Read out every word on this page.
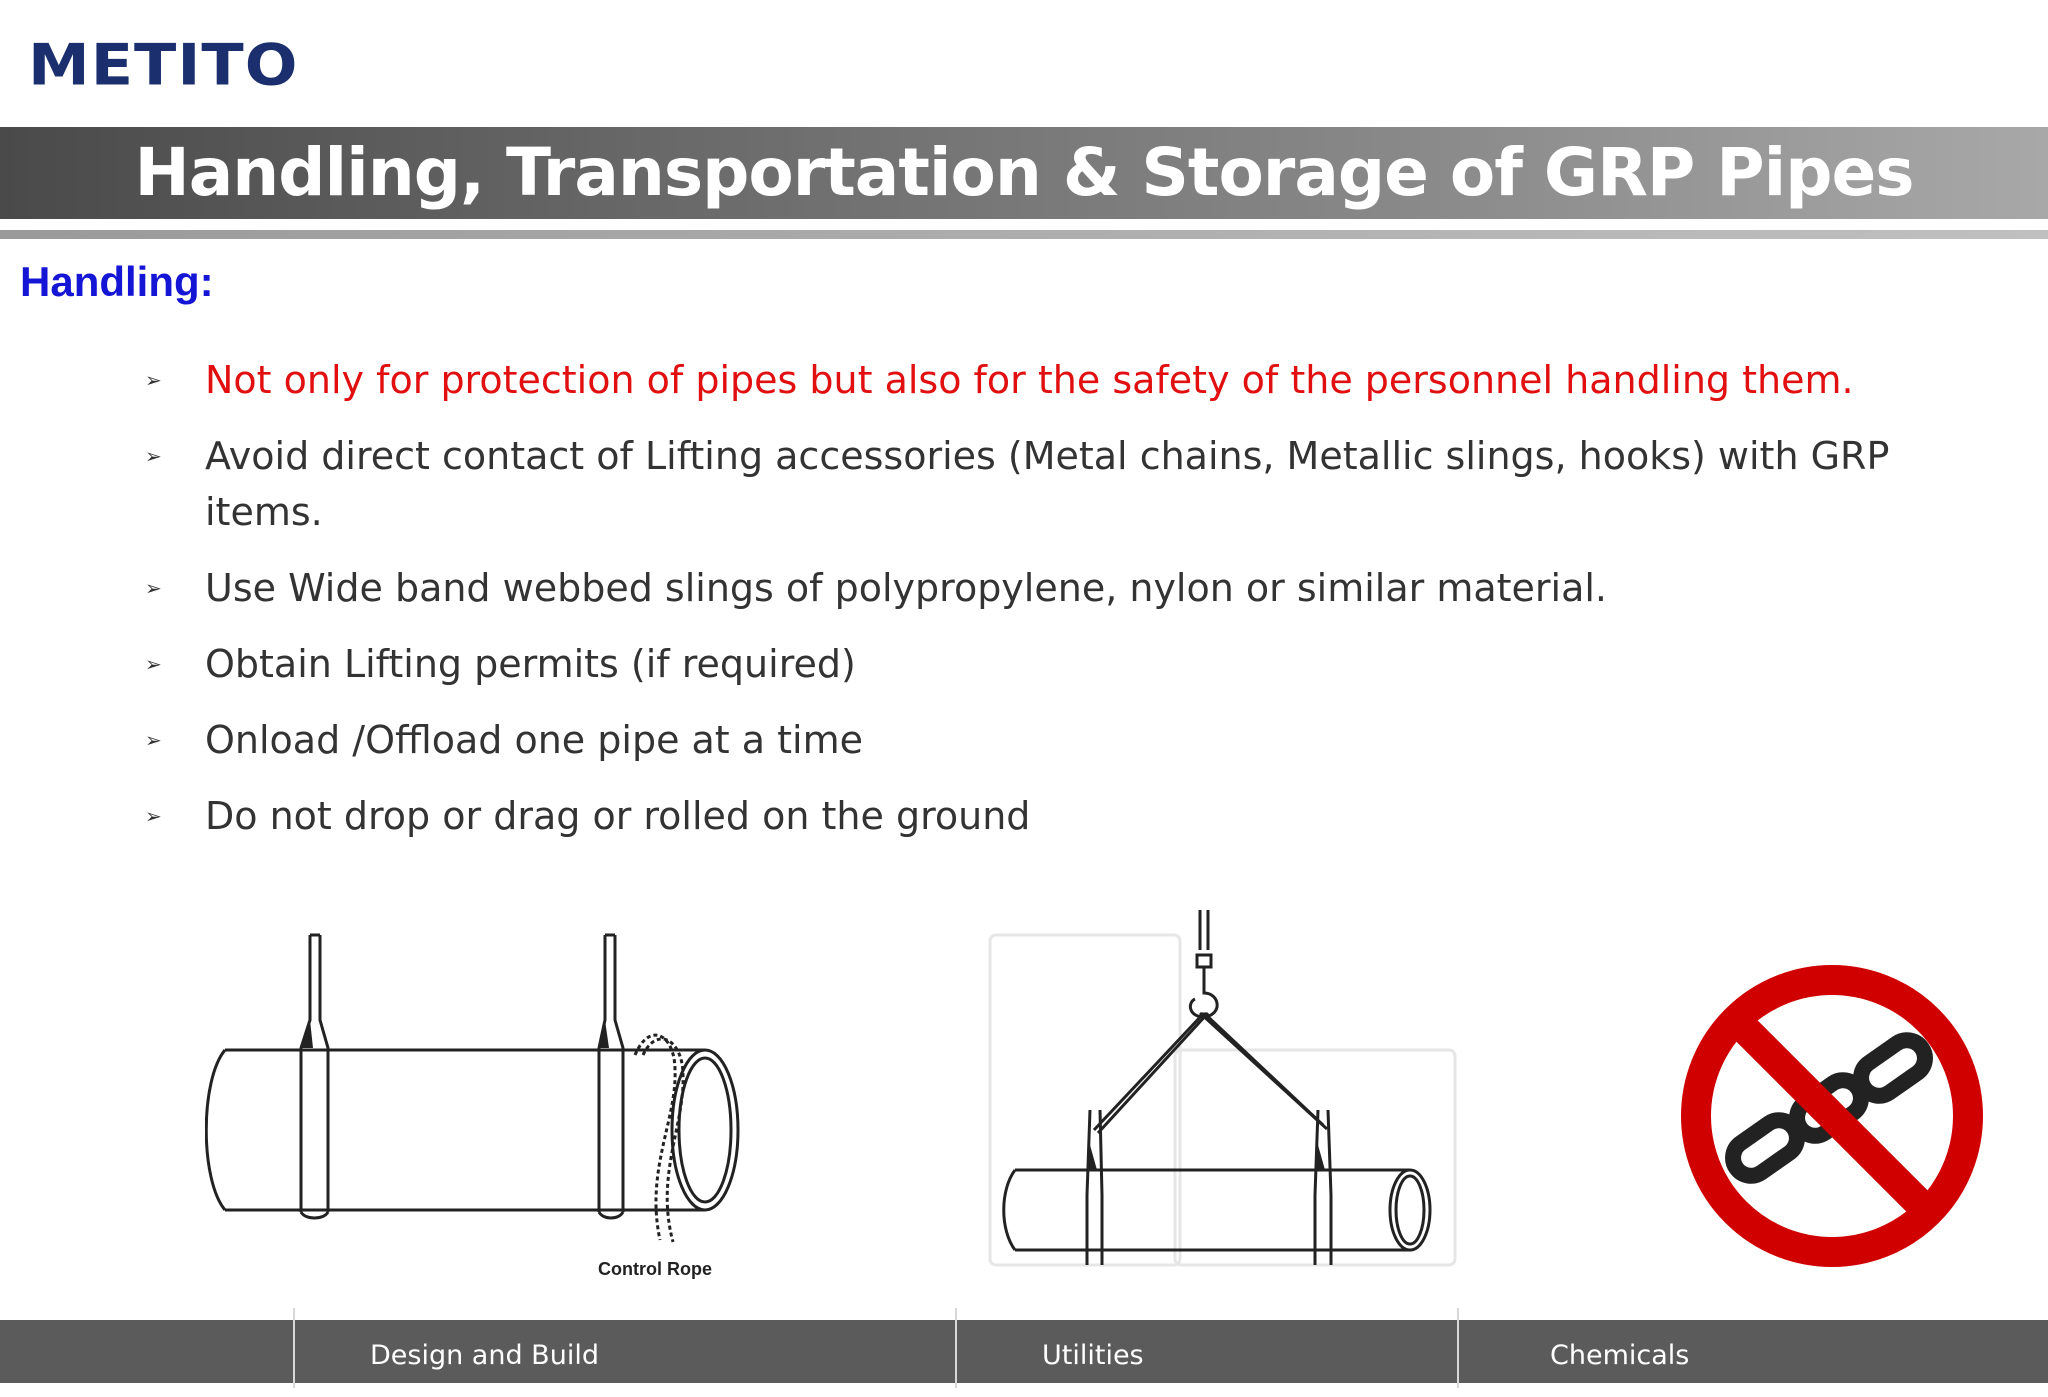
METITO
Handling, Transportation & Storage of GRP Pipes
Handling:
➢	Not only for protection of pipes but also for the safety of the personnel handling them.
➢	Avoid direct contact of Lifting accessories (Metal chains, Metallic slings, hooks) with GRP items.
➢	Use Wide band webbed slings of polypropylene, nylon or similar material.
➢	Obtain Lifting permits (if required)
➢	Onload /Offload one pipe at a time
➢	Do not drop or drag or rolled on the ground
Control Rope
Design and Build	Utilities	Chemicals
